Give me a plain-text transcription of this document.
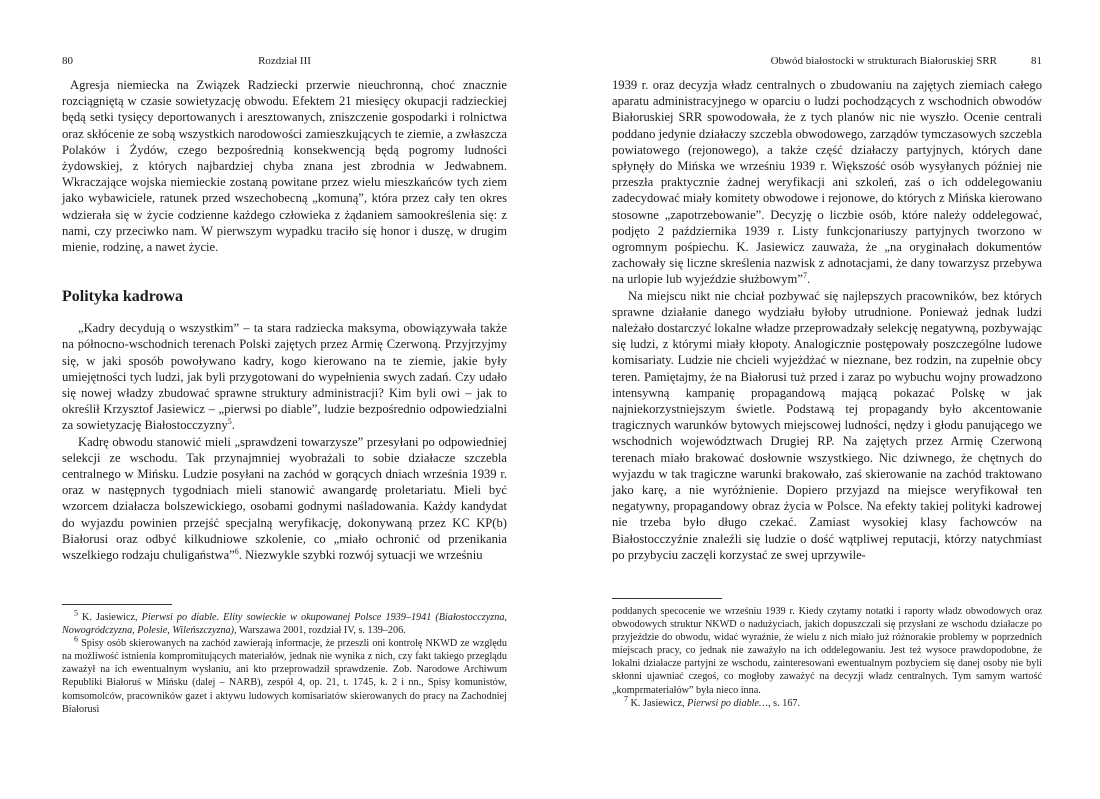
80	Rozdział III

Agresja niemiecka na Związek Radziecki przerwie nieuchronną, choć znacznie rozciągniętą w czasie sowietyzację obwodu. Efektem 21 miesięcy okupacji radzieckiej będą setki tysięcy deportowanych i aresztowanych, zniszczenie gospodarki i rolnictwa oraz skłócenie ze sobą wszystkich narodowości zamieszkujących te ziemie, a zwłaszcza Polaków i Żydów, czego bezpośrednią konsekwencją będą pogromy ludności żydowskiej, z których najbardziej chyba znana jest zbrodnia w Jedwabnem. Wkraczające wojska niemieckie zostaną powitane przez wielu mieszkańców tych ziem jako wybawiciele, ratunek przed wszechobecną „komuną”, która przez cały ten okres wdzierała się w życie codzienne każdego człowieka z żądaniem samookreślenia się: z nami, czy przeciwko nam. W pierwszym wypadku traciło się honor i duszę, w drugim mienie, rodzinę, a nawet życie.

Polityka kadrowa

„Kadry decydują o wszystkim” – ta stara radziecka maksyma, obowiązywała także na północno-wschodnich terenach Polski zajętych przez Armię Czerwoną. Przyjrzyjmy się, w jaki sposób powoływano kadry, kogo kierowano na te ziemie, jakie były umiejętności tych ludzi, jak byli przygotowani do wypełnienia swych zadań. Czy udało się nowej władzy zbudować sprawne struktury administracji? Kim byli owi – jak to określił Krzysztof Jasiewicz – „pierwsi po diable”, ludzie bezpośrednio odpowiedzialni za sowietyzację Białostocczyzny$^5$.

Kadrę obwodu stanowić mieli „sprawdzeni towarzysze” przesyłani po odpowiedniej selekcji ze wschodu. Tak przynajmniej wyobrażali to sobie działacze szczebla centralnego w Mińsku. Ludzie posyłani na zachód w gorących dniach września 1939 r. oraz w następnych tygodniach mieli stanowić awangardę proletariatu. Mieli być wzorcem działacza bolszewickiego, osobami godnymi naśladowania. Każdy kandydat do wyjazdu powinien przejść specjalną weryfikację, dokonywaną przez KC KP(b) Białorusi oraz odbyć kilkudniowe szkolenie, co „miało ochronić od przenikania wszelkiego rodzaju chuligaństwa”$^6$. Niezwykle szybki rozwój sytuacji we wrześniu

$^5$ K. Jasiewicz, Pierwsi po diable. Elity sowieckie w okupowanej Polsce 1939–1941 (Białostocczyzna, Nowogródczyzna, Polesie, Wileńszczyzna), Warszawa 2001, rozdział IV, s. 139–206.

$^6$ Spisy osób skierowanych na zachód zawierają informacje, że przeszli oni kontrolę NKWD ze względu na możliwość istnienia kompromitujących materiałów, jednak nie wynika z nich, czy fakt takiego przeglądu zaważył na ich ewentualnym wysłaniu, ani kto przeprowadził sprawdzenie. Zob. Narodowe Archiwum Republiki Białoruś w Mińsku (dalej – NARB), zespół 4, op. 21, t. 1745, k. 2 i nn., Spisy komunistów, komsomolców, pracowników gazet i aktywu ludowych komisariatów skierowanych do pracy na Zachodniej Białorusi

Obwód białostocki w strukturach Białoruskiej SRR	81

1939 r. oraz decyzja władz centralnych o zbudowaniu na zajętych ziemiach całego aparatu administracyjnego w oparciu o ludzi pochodzących z wschodnich obwodów Białoruskiej SRR spowodowała, że z tych planów nic nie wyszło. Ocenie centrali poddano jedynie działaczy szczebla obwodowego, zarządów tymczasowych szczebla powiatowego (rejonowego), a także część działaczy partyjnych, których dane spłynęły do Mińska we wrześniu 1939 r. Większość osób wysyłanych później nie przeszła praktycznie żadnej weryfikacji ani szkoleń, zaś o ich oddelegowaniu zadecydować miały komitety obwodowe i rejonowe, do których z Mińska kierowano stosowne „zapotrzebowanie”. Decyzję o liczbie osób, które należy oddelegować, podjęto 2 października 1939 r. Listy funkcjonariuszy partyjnych tworzono w ogromnym pośpiechu. K. Jasiewicz zauważa, że „na oryginałach dokumentów zachowały się liczne skreślenia nazwisk z adnotacjami, że dany towarzysz przebywa na urlopie lub wyjeździe służbowym”$^7$.

Na miejscu nikt nie chciał pozbywać się najlepszych pracowników, bez których sprawne działanie danego wydziału byłoby utrudnione. Ponieważ jednak ludzi należało dostarczyć lokalne władze przeprowadzały selekcję negatywną, pozbywając się ludzi, z którymi miały kłopoty. Analogicznie postępowały poszczególne ludowe komisariaty. Ludzie nie chcieli wyjeżdżać w nieznane, bez rodzin, na zupełnie obcy teren. Pamiętajmy, że na Białorusi tuż przed i zaraz po wybuchu wojny prowadzono intensywną kampanię propagandową mającą pokazać Polskę w jak najniekorzystniejszym świetle. Podstawą tej propagandy było akcentowanie tragicznych warunków bytowych miejscowej ludności, nędzy i głodu panującego we wschodnich województwach Drugiej RP. Na zajętych przez Armię Czerwoną terenach miało brakować dosłownie wszystkiego. Nic dziwnego, że chętnych do wyjazdu w tak tragiczne warunki brakowało, zaś skierowanie na zachód traktowano jako karę, a nie wyróżnienie. Dopiero przyjazd na miejsce weryfikował ten negatywny, propagandowy obraz życia w Polsce. Na efekty takiej polityki kadrowej nie trzeba było długo czekać. Zamiast wysokiej klasy fachowców na Białostocczyźnie znaleźli się ludzie o dość wątpliwej reputacji, którzy natychmiast po przybyciu zaczęli korzystać ze swej uprzywile-

poddanych specocenie we wrześniu 1939 r. Kiedy czytamy notatki i raporty władz obwodowych oraz obwodowych struktur NKWD o nadużyciach, jakich dopuszczali się przysłani ze wschodu działacze po przyjeździe do obwodu, widać wyraźnie, że wielu z nich miało już różnorakie problemy w poprzednich miejscach pracy, co jednak nie zaważyło na ich oddelegowaniu. Jest też wysoce prawdopodobne, że lokalni działacze partyjni ze wschodu, zainteresowani ewentualnym pozbyciem się danej osoby nie byli skłonni ujawniać czegoś, co mogłoby zaważyć na decyzji władz centralnych. Tym samym wartość „komprmateriałów” była nieco inna.

$^7$ K. Jasiewicz, Pierwsi po diable…, s. 167.
